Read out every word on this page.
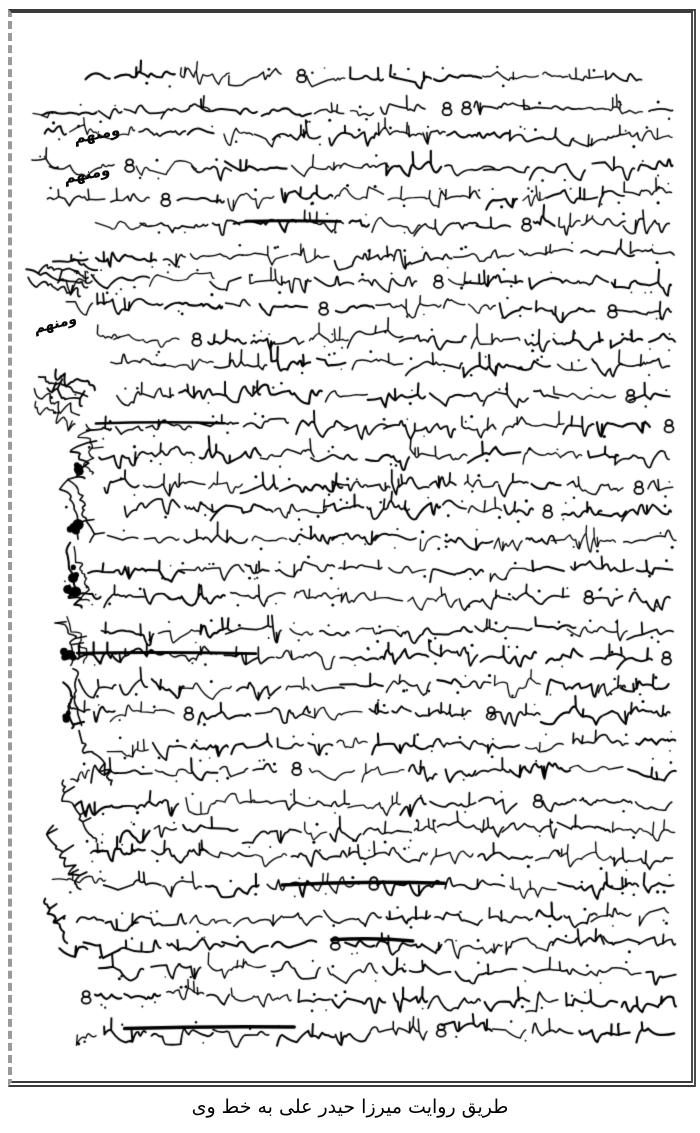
ومنهم
ومنهم
ومنهم
طريق روايت ميرزا حيدر على به خط وى
